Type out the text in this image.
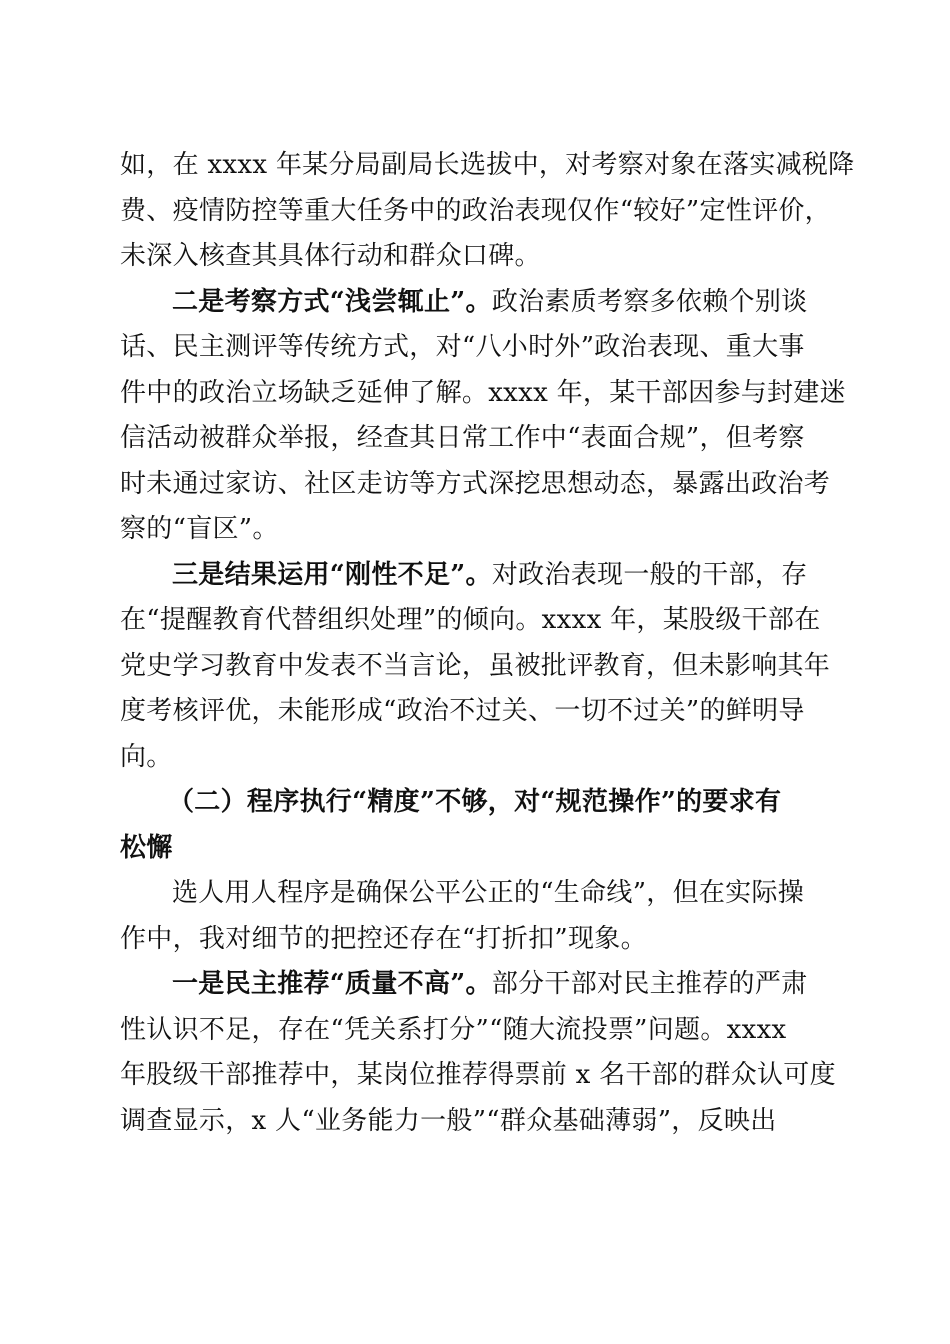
如，在 xxxx 年某分局副局长选拔中，对考察对象在落实减税降
费、疫情防控等重大任务中的政治表现仅作“较好”定性评价，
未深入核查其具体行动和群众口碑。
二是考察方式“浅尝辄止”。政治素质考察多依赖个别谈
话、民主测评等传统方式，对“八小时外”政治表现、重大事
件中的政治立场缺乏延伸了解。xxxx 年，某干部因参与封建迷
信活动被群众举报，经查其日常工作中“表面合规”，但考察
时未通过家访、社区走访等方式深挖思想动态，暴露出政治考
察的“盲区”。
三是结果运用“刚性不足”。对政治表现一般的干部，存
在“提醒教育代替组织处理”的倾向。xxxx 年，某股级干部在
党史学习教育中发表不当言论，虽被批评教育，但未影响其年
度考核评优，未能形成“政治不过关、一切不过关”的鲜明导
向。
（二）程序执行“精度”不够，对“规范操作”的要求有
松懈
选人用人程序是确保公平公正的“生命线”，但在实际操
作中，我对细节的把控还存在“打折扣”现象。
一是民主推荐“质量不高”。部分干部对民主推荐的严肃
性认识不足，存在“凭关系打分”“随大流投票”问题。xxxx
年股级干部推荐中，某岗位推荐得票前 x 名干部的群众认可度
调查显示，x 人“业务能力一般”“群众基础薄弱”，反映出
